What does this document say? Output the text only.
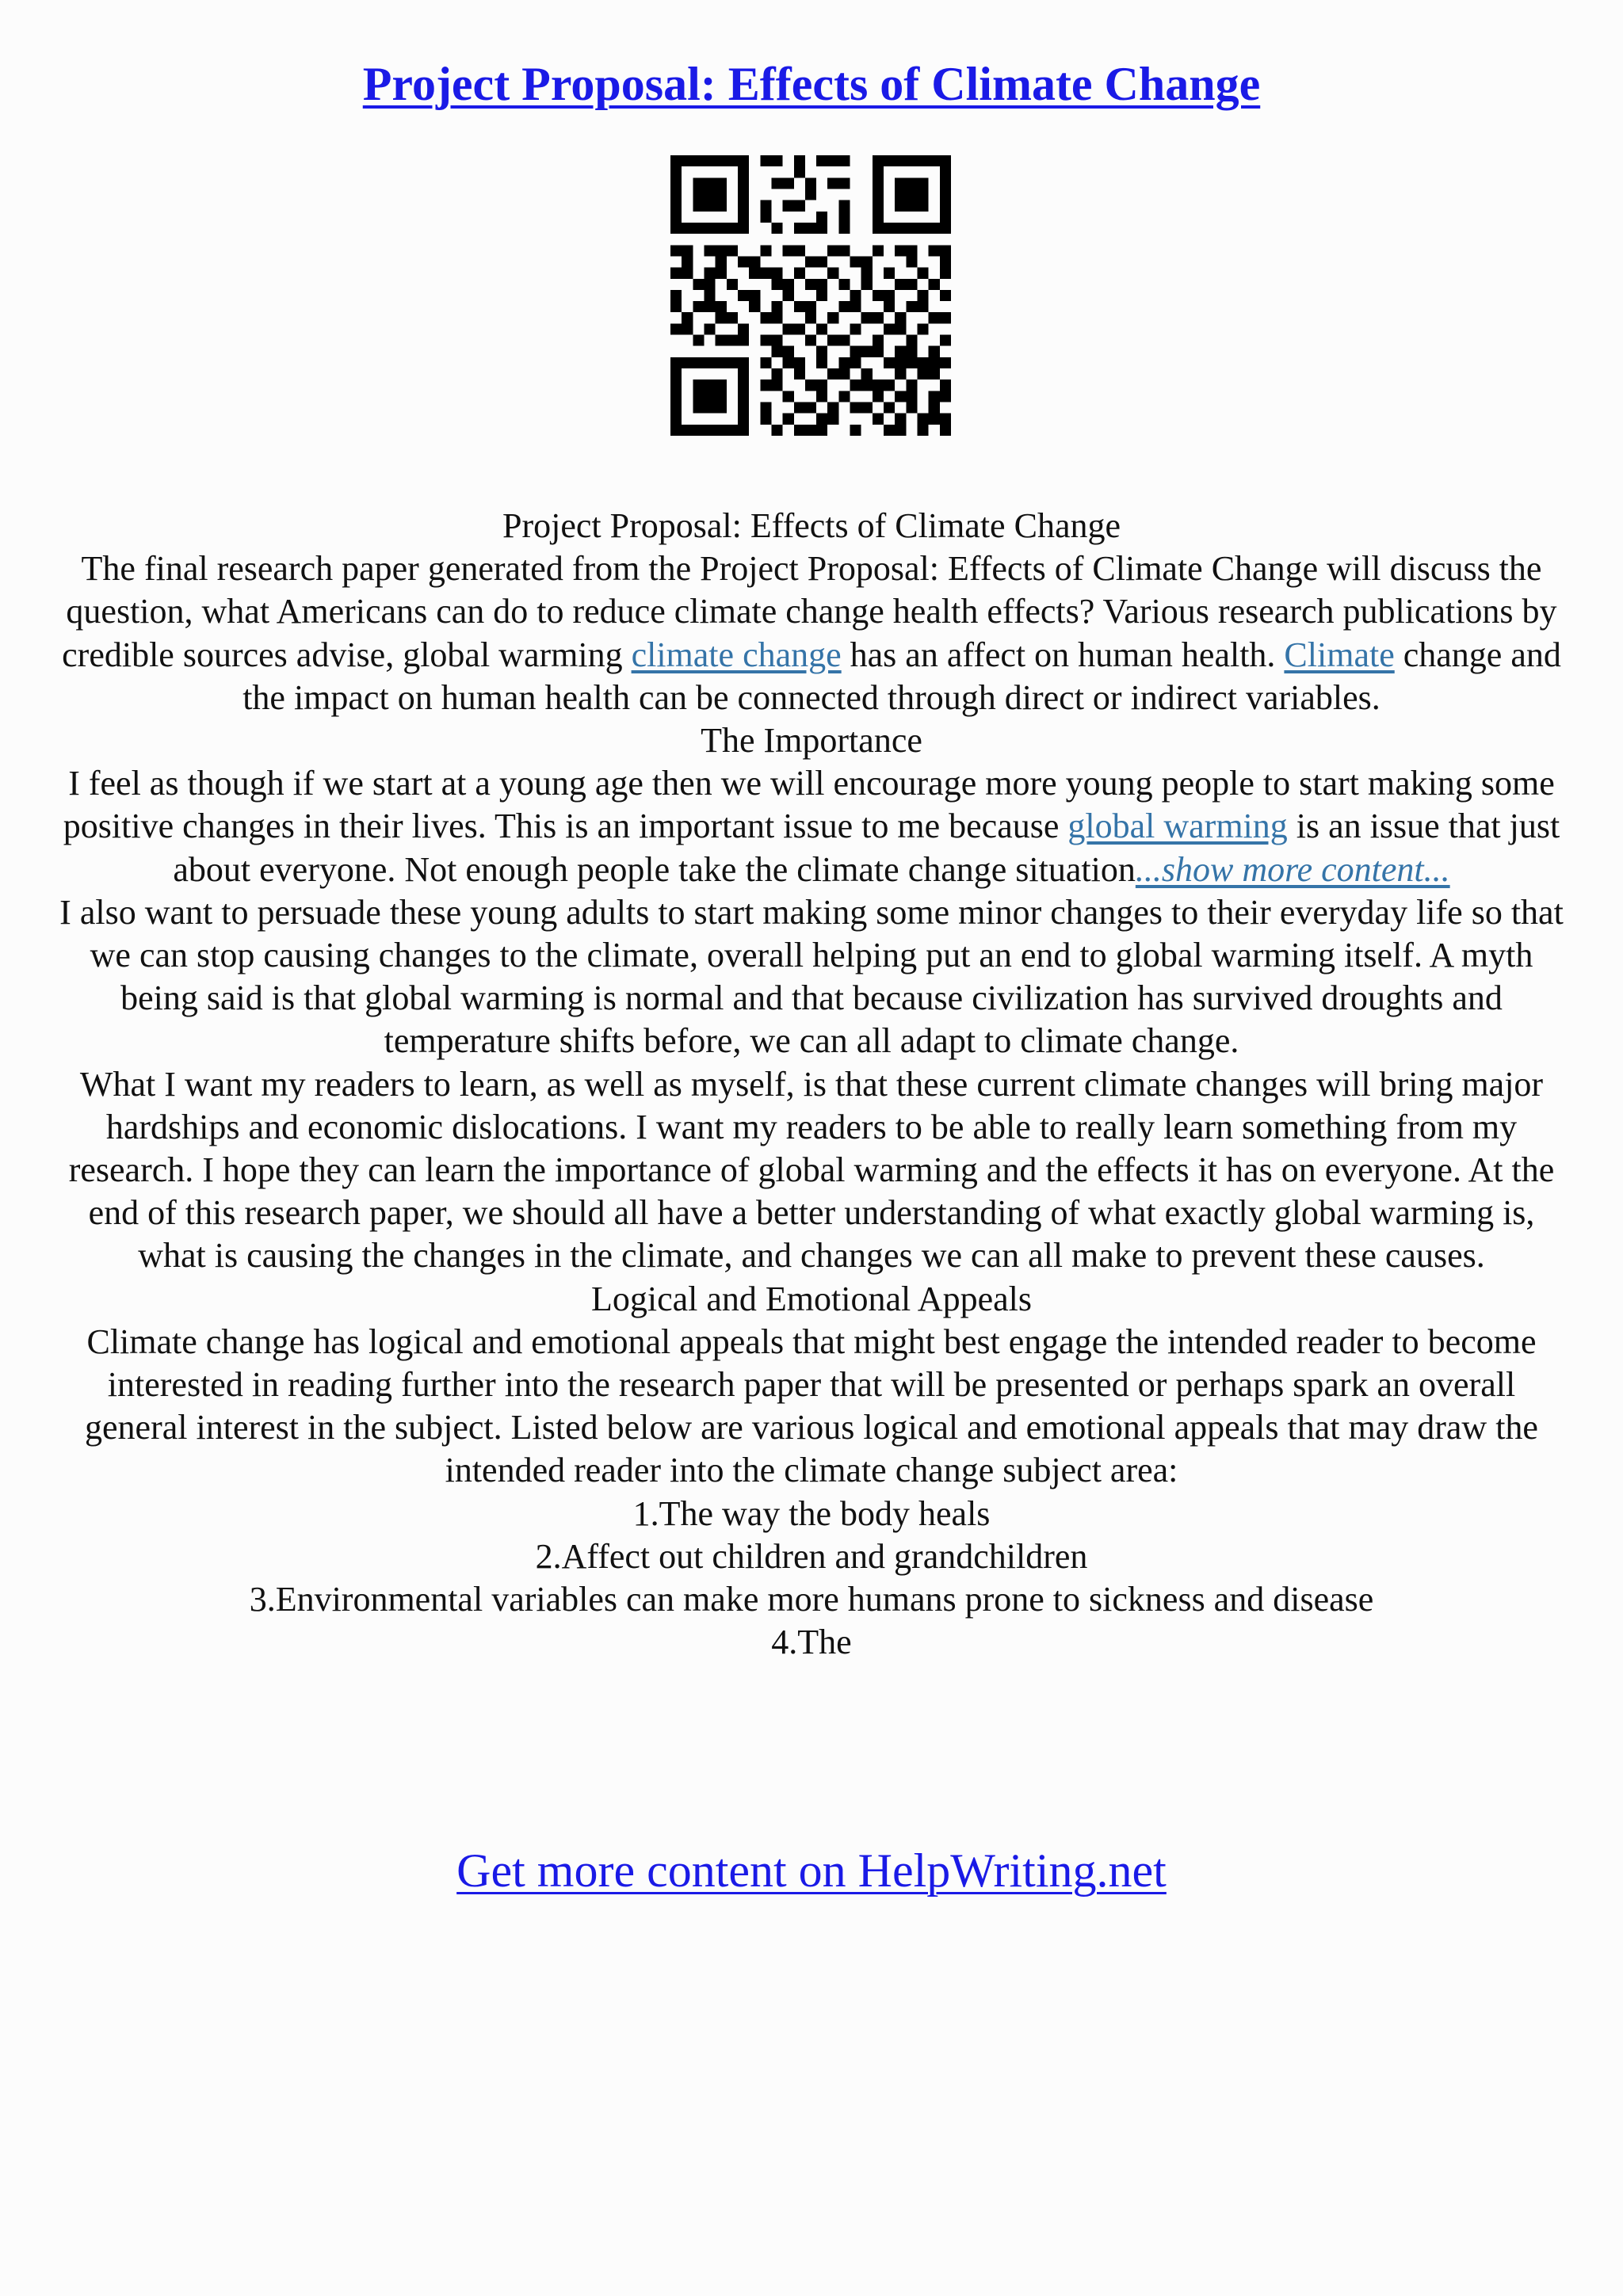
Project Proposal: Effects of Climate Change

Project Proposal: Effects of Climate Change

The final research paper generated from the Project Proposal: Effects of Climate Change will discuss the question, what Americans can do to reduce climate change health effects? Various research publications by credible sources advise, global warming climate change has an affect on human health. Climate change and the impact on human health can be connected through direct or indirect variables.

The Importance

I feel as though if we start at a young age then we will encourage more young people to start making some positive changes in their lives. This is an important issue to me because global warming is an issue that just about everyone. Not enough people take the climate change situation...show more content...

I also want to persuade these young adults to start making some minor changes to their everyday life so that we can stop causing changes to the climate, overall helping put an end to global warming itself. A myth being said is that global warming is normal and that because civilization has survived droughts and temperature shifts before, we can all adapt to climate change.

What I want my readers to learn, as well as myself, is that these current climate changes will bring major hardships and economic dislocations. I want my readers to be able to really learn something from my research. I hope they can learn the importance of global warming and the effects it has on everyone. At the end of this research paper, we should all have a better understanding of what exactly global warming is, what is causing the changes in the climate, and changes we can all make to prevent these causes.

Logical and Emotional Appeals

Climate change has logical and emotional appeals that might best engage the intended reader to become interested in reading further into the research paper that will be presented or perhaps spark an overall general interest in the subject. Listed below are various logical and emotional appeals that may draw the intended reader into the climate change subject area:

1.The way the body heals

2.Affect out children and grandchildren

3.Environmental variables can make more humans prone to sickness and disease

4.The

Get more content on HelpWriting.net
